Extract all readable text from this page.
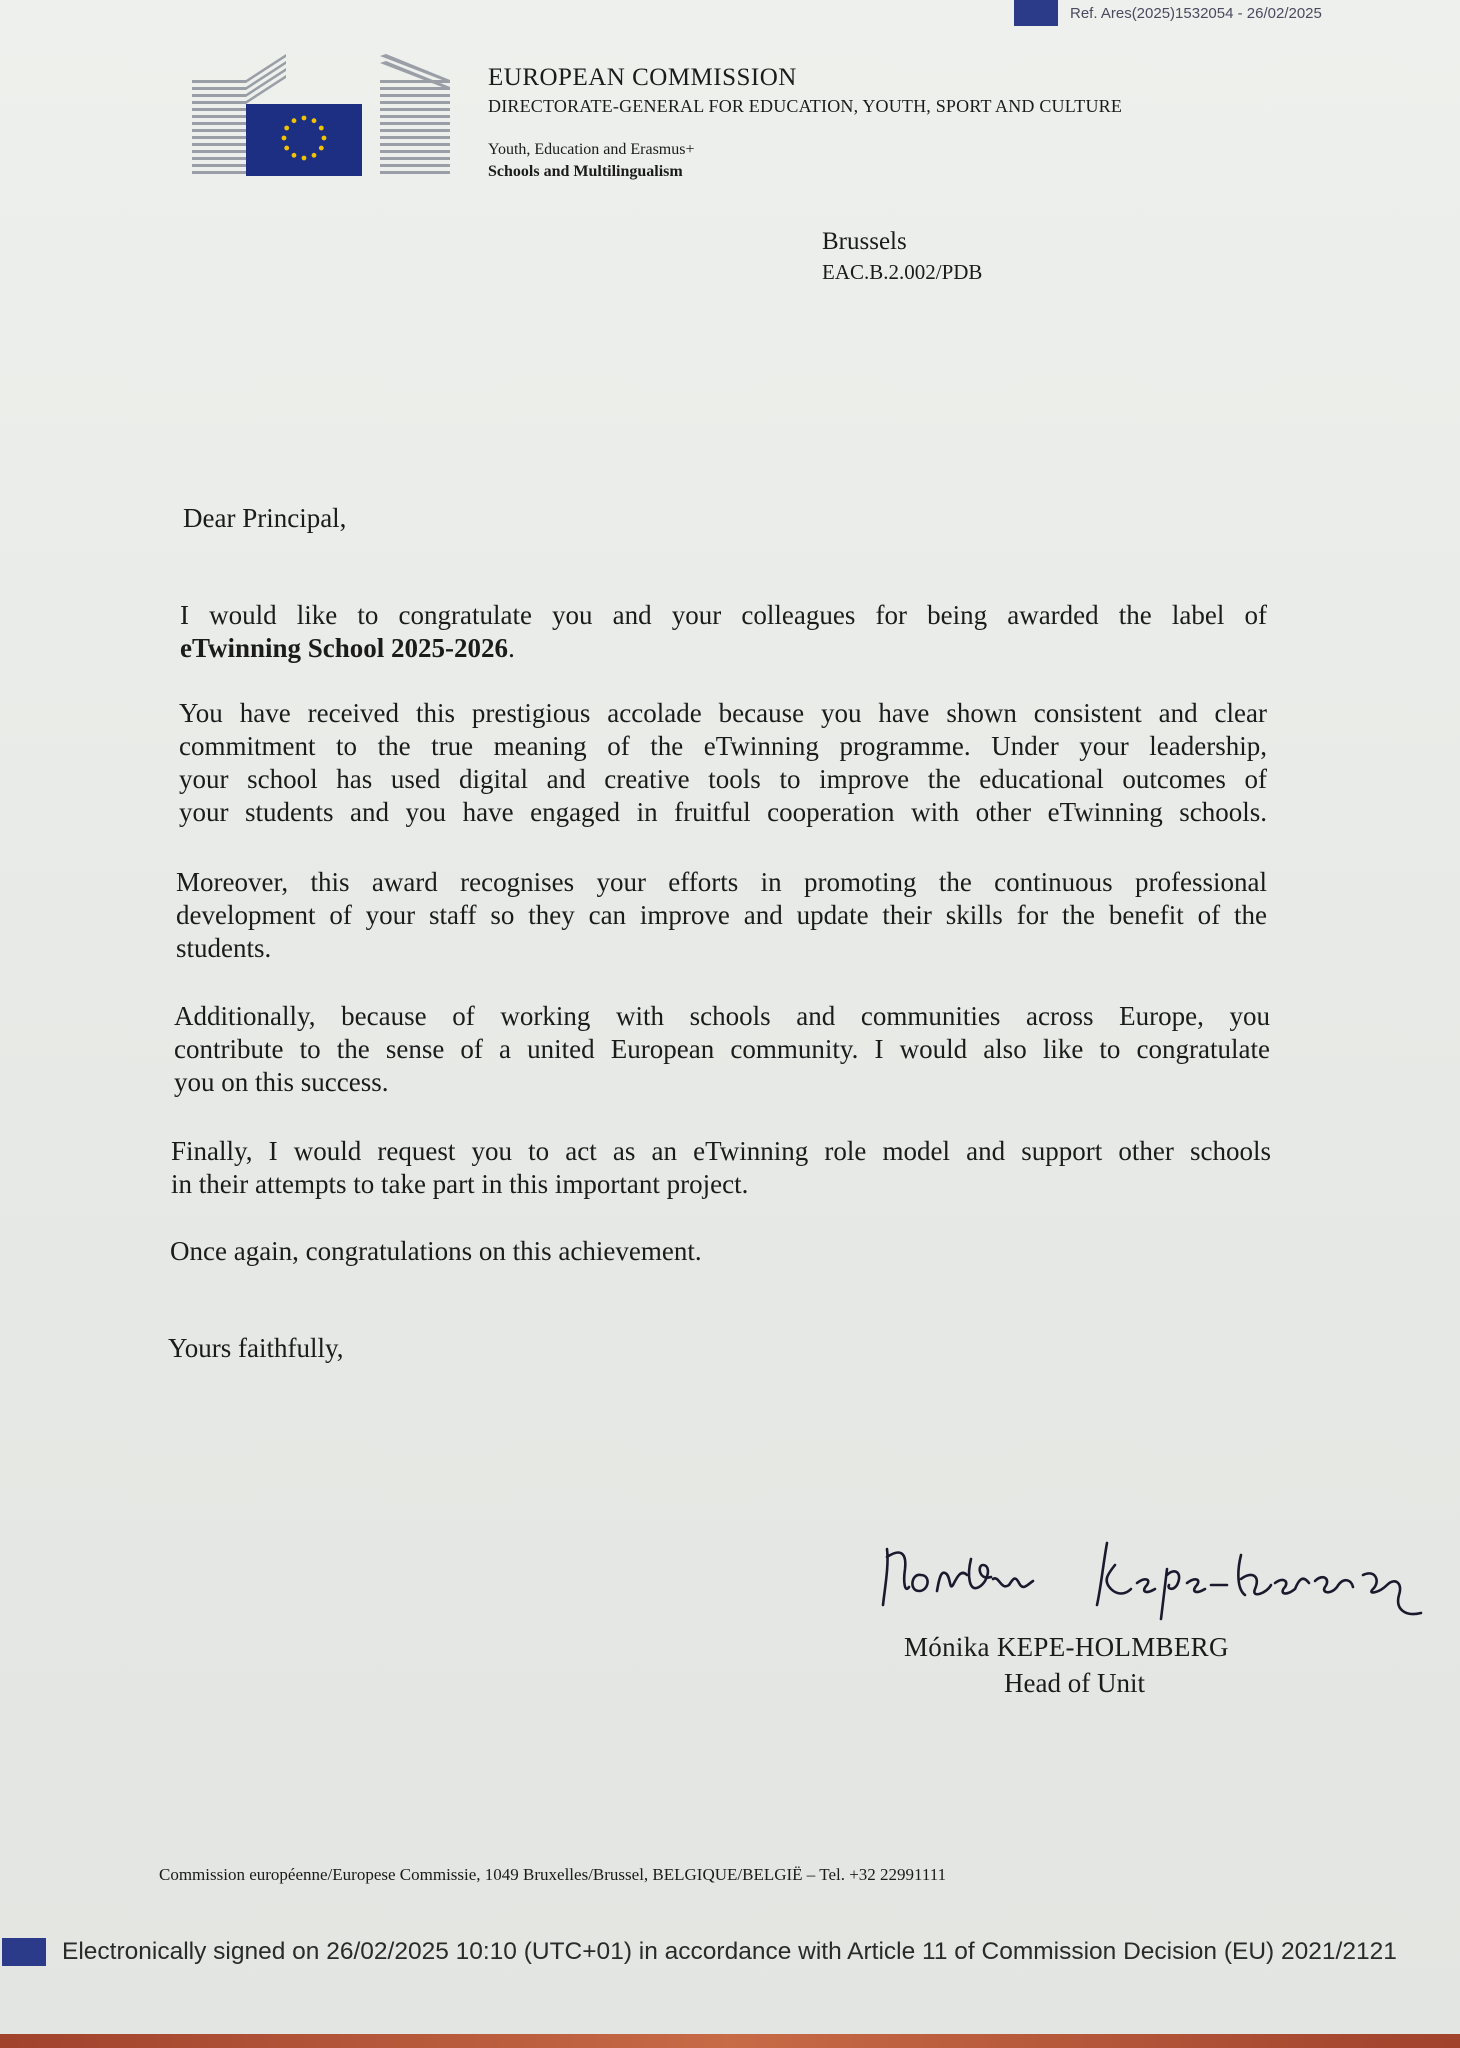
Ref. Ares(2025)1532054 - 26/02/2025
EUROPEAN COMMISSION
DIRECTORATE-GENERAL FOR EDUCATION, YOUTH, SPORT AND CULTURE
Youth, Education and Erasmus+
Schools and Multilingualism
Brussels
EAC.B.2.002/PDB
Dear Principal,
I would like to congratulate you and your colleagues for being awarded the label of
eTwinning School 2025-2026.
You have received this prestigious accolade because you have shown consistent and clear
commitment to the true meaning of the eTwinning programme. Under your leadership,
your school has used digital and creative tools to improve the educational outcomes of
your students and you have engaged in fruitful cooperation with other eTwinning schools.
Moreover, this award recognises your efforts in promoting the continuous professional
development of your staff so they can improve and update their skills for the benefit of the
students.
Additionally, because of working with schools and communities across Europe, you
contribute to the sense of a united European community. I would also like to congratulate
you on this success.
Finally, I would request you to act as an eTwinning role model and support other schools
in their attempts to take part in this important project.
Once again, congratulations on this achievement.
Yours faithfully,
Mónika KEPE-HOLMBERG
Head of Unit
Commission européenne/Europese Commissie, 1049 Bruxelles/Brussel, BELGIQUE/BELGIË – Tel. +32 22991111
Electronically signed on 26/02/2025 10:10 (UTC+01) in accordance with Article 11 of Commission Decision (EU) 2021/2121
